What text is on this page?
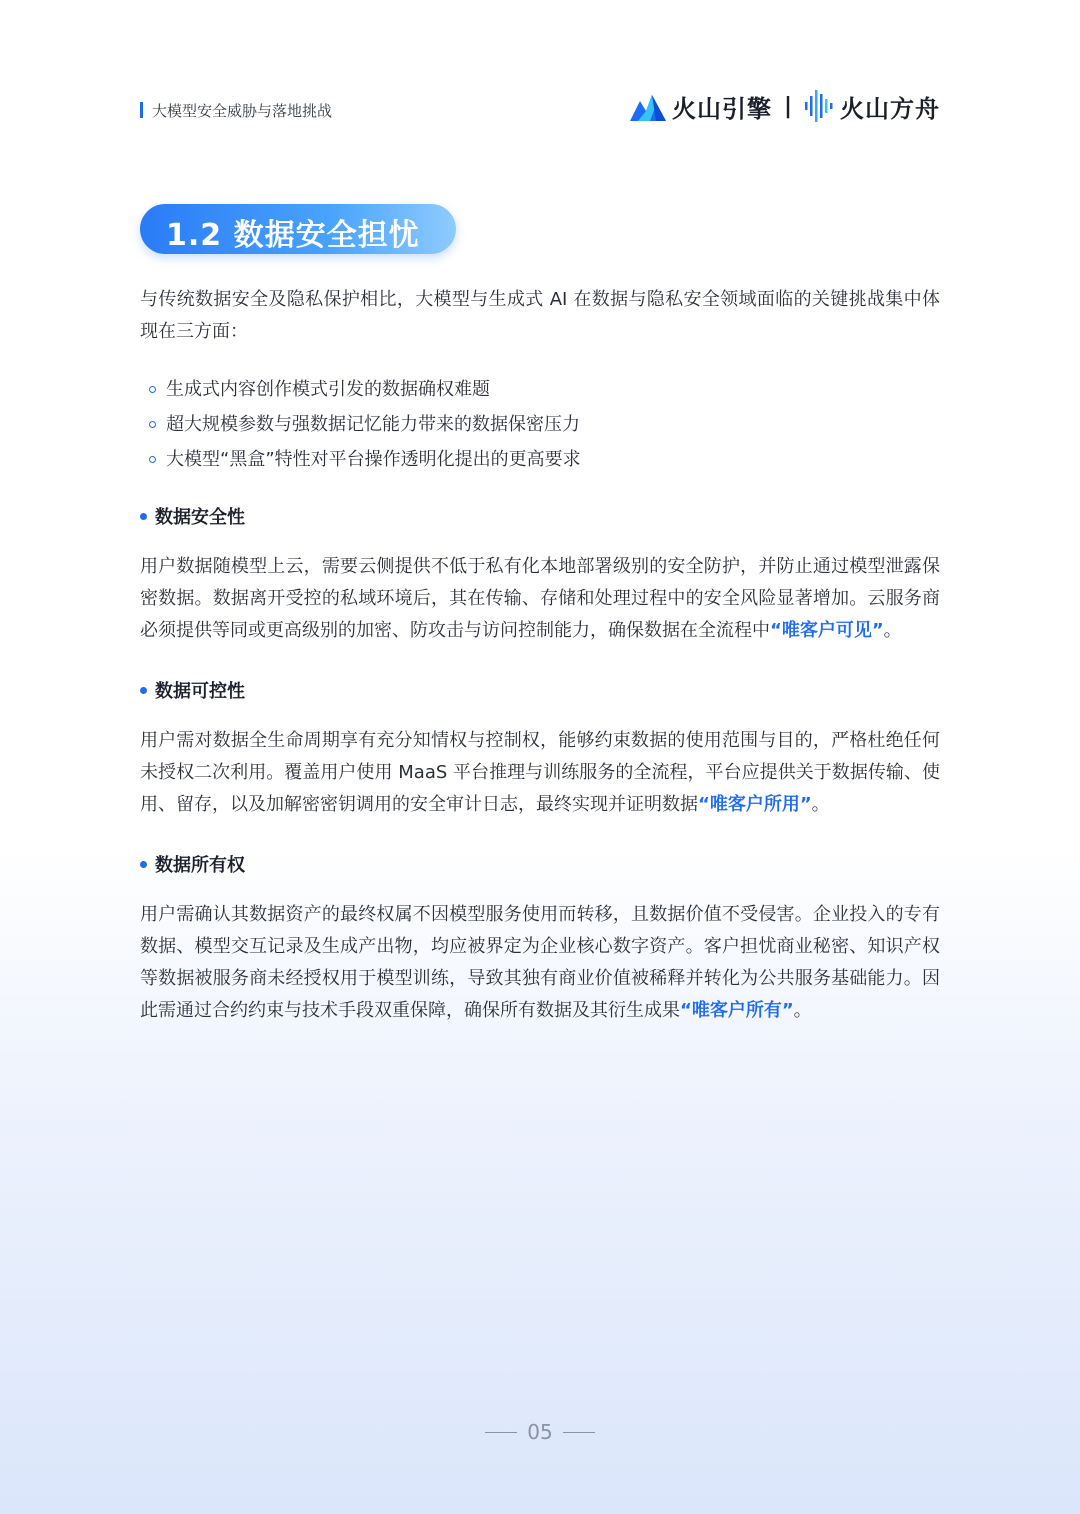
大模型安全威胁与落地挑战	火山引擎 | 火山方舟
1.2 数据安全担忧

与传统数据安全及隐私保护相比，大模型与生成式 AI 在数据与隐私安全领域面临的关键挑战集中体现在三方面：

生成式内容创作模式引发的数据确权难题
超大规模参数与强数据记忆能力带来的数据保密压力
大模型“黑盒”特性对平台操作透明化提出的更高要求
数据安全性

用户数据随模型上云，需要云侧提供不低于私有化本地部署级别的安全防护，并防止通过模型泄露保密数据。数据离开受控的私域环境后，其在传输、存储和处理过程中的安全风险显著增加。云服务商必须提供等同或更高级别的加密、防攻击与访问控制能力，确保数据在全流程中“唯客户可见”。

数据可控性

用户需对数据全生命周期享有充分知情权与控制权，能够约束数据的使用范围与目的，严格杜绝任何未授权二次利用。覆盖用户使用 MaaS 平台推理与训练服务的全流程，平台应提供关于数据传输、使用、留存，以及加解密密钥调用的安全审计日志，最终实现并证明数据“唯客户所用”。

数据所有权

用户需确认其数据资产的最终权属不因模型服务使用而转移，且数据价值不受侵害。企业投入的专有数据、模型交互记录及生成产出物，均应被界定为企业核心数字资产。客户担忧商业秘密、知识产权等数据被服务商未经授权用于模型训练，导致其独有商业价值被稀释并转化为公共服务基础能力。因此需通过合约约束与技术手段双重保障，确保所有数据及其衍生成果“唯客户所有”。

05
